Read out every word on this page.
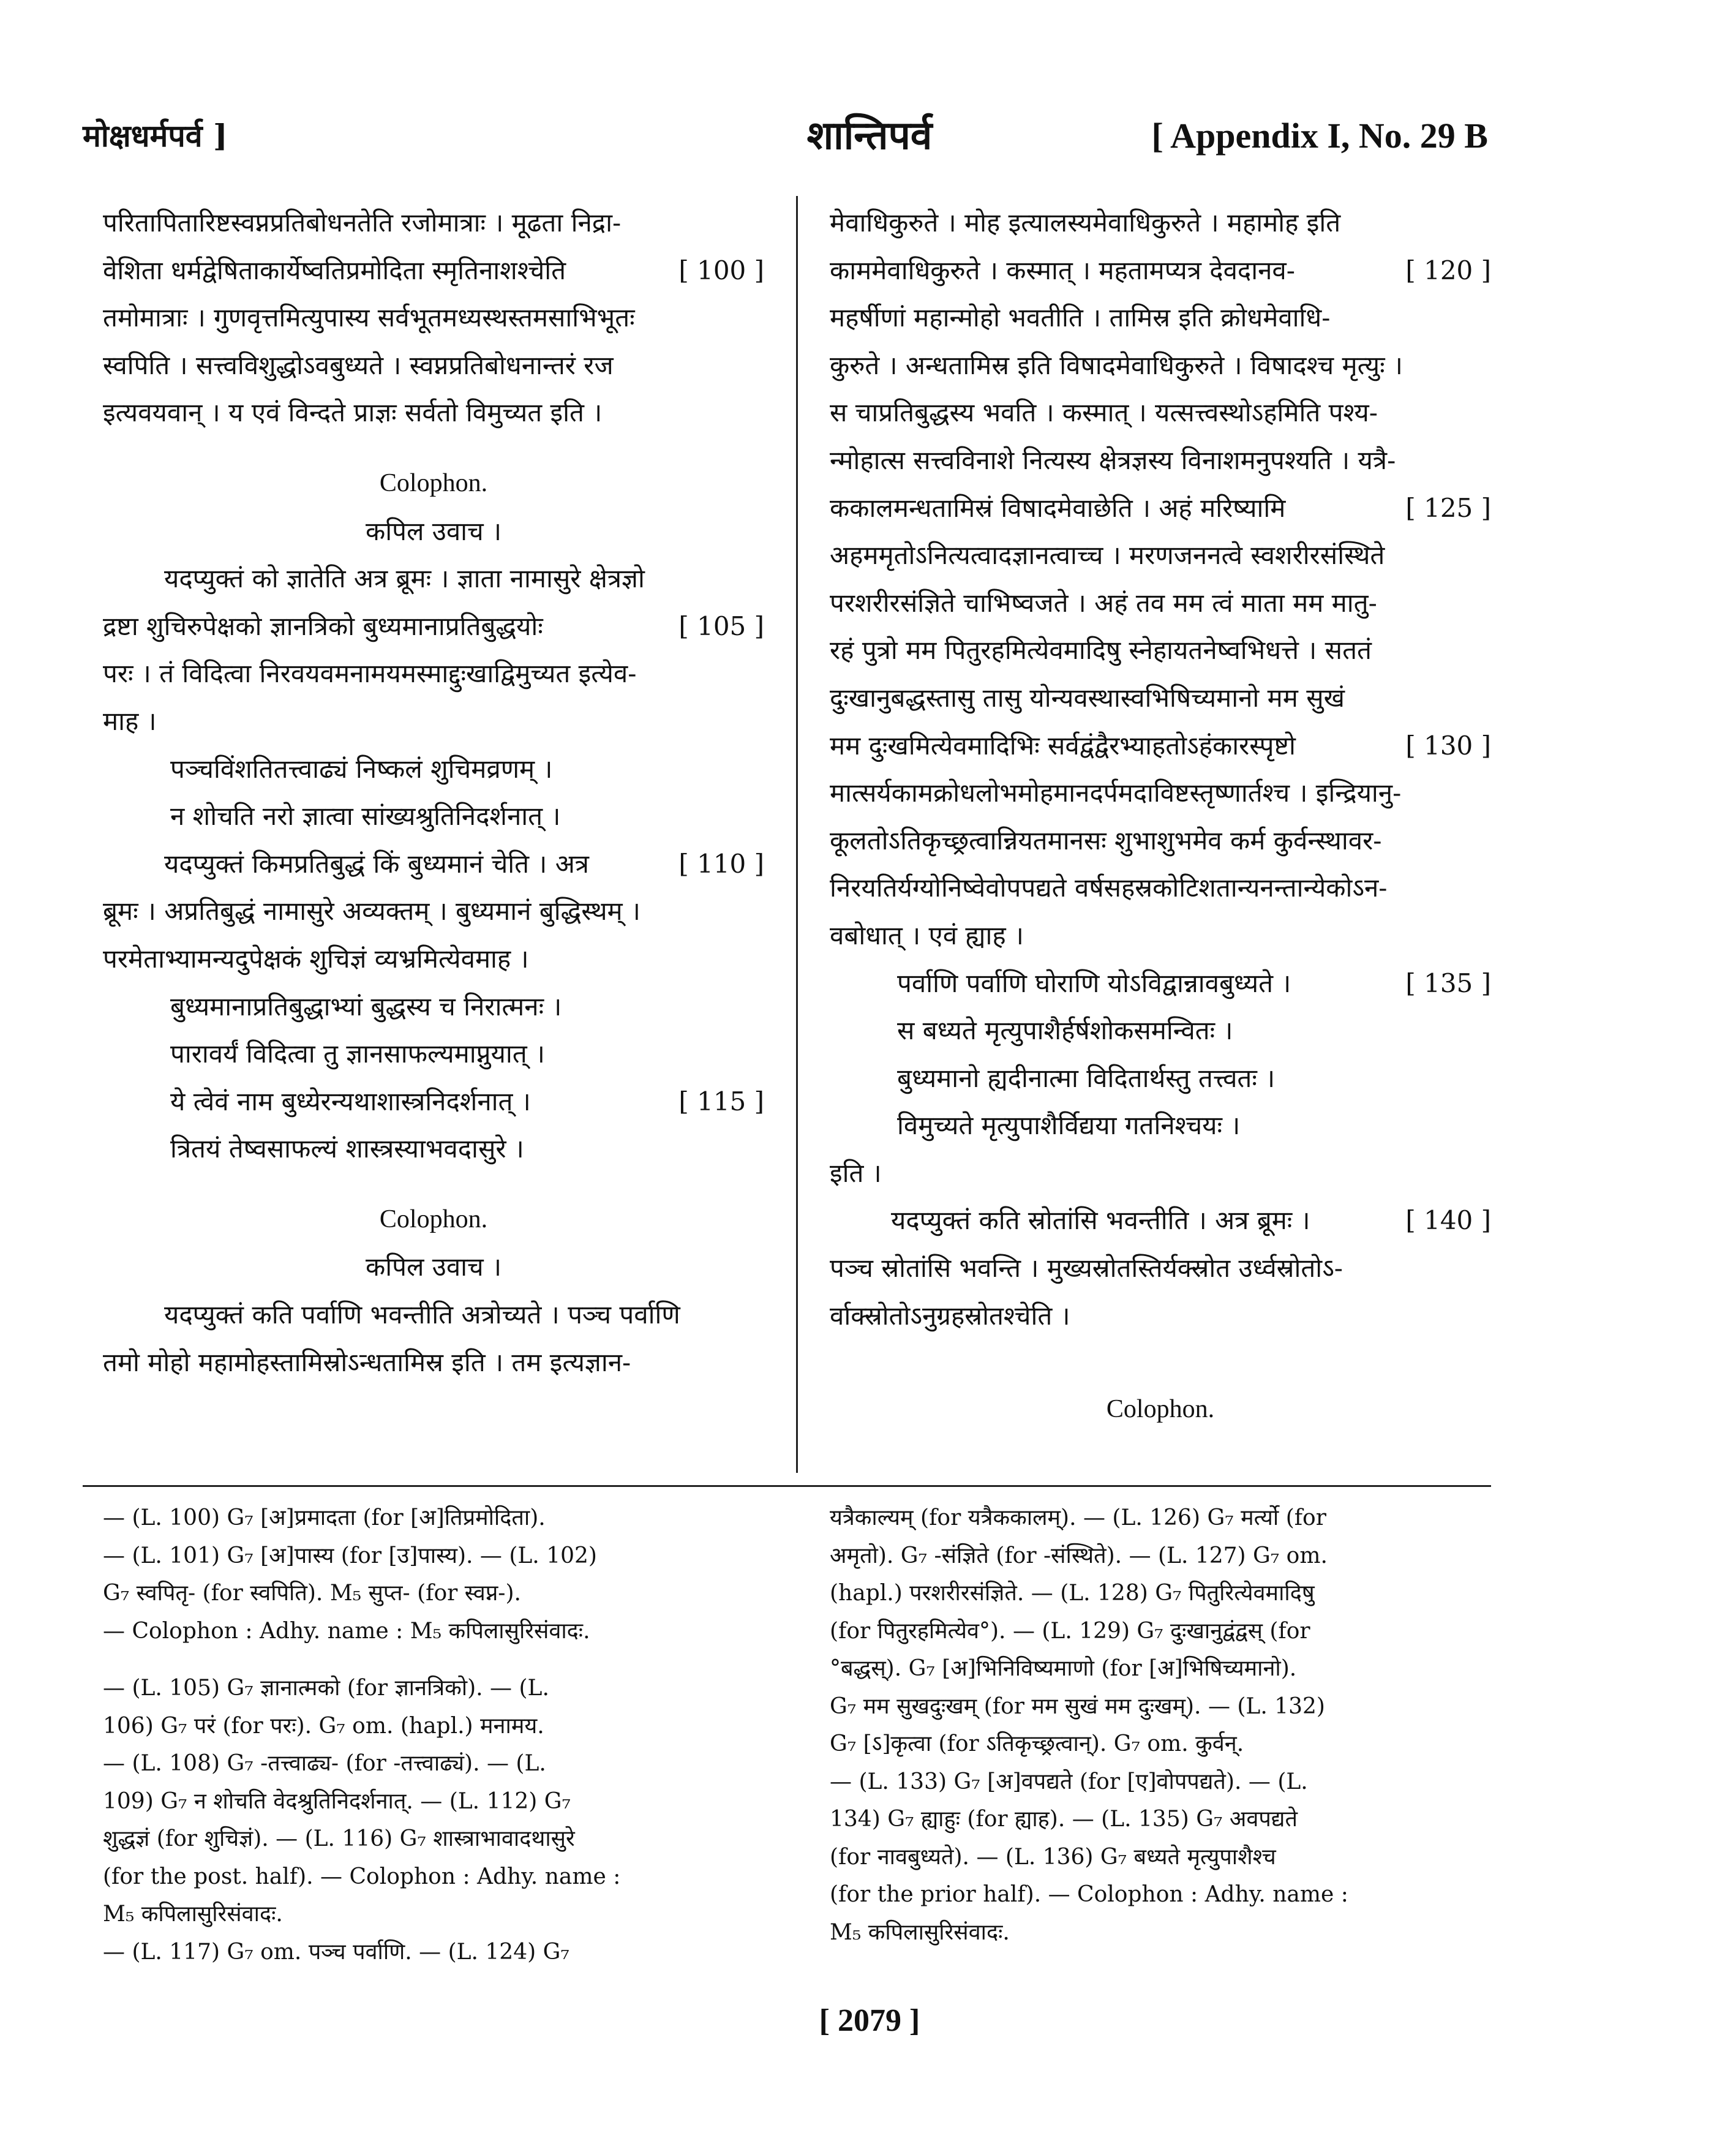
मोक्षधर्मपर्व ]	शान्तिपर्व	[ Appendix I, No. 29 B
परितापितारिष्टस्वप्नप्रतिबोधनतेति रजोमात्राः । मूढता निद्रा-
वेशिता धर्मद्वेषिताकार्येष्वतिप्रमोदिता स्मृतिनाशश्चेति	[ 100 ]
तमोमात्राः । गुणवृत्तमित्युपास्य सर्वभूतमध्यस्थस्तमसाभिभूतः
स्वपिति । सत्त्वविशुद्धोऽवबुध्यते । स्वप्नप्रतिबोधनान्तरं रज
इत्यवयवान् । य एवं विन्दते प्राज्ञः सर्वतो विमुच्यत इति ।
Colophon.
कपिल उवाच ।
यदप्युक्तं को ज्ञातेति अत्र ब्रूमः । ज्ञाता नामासुरे क्षेत्रज्ञो
द्रष्टा शुचिरुपेक्षको ज्ञानत्रिको बुध्यमानाप्रतिबुद्धयोः	[ 105 ]
परः । तं विदित्वा निरवयवमनामयमस्माद्दुःखाद्विमुच्यत इत्येव-
माह ।
पञ्चविंशतितत्त्वाढ्यं निष्कलं शुचिमव्रणम् ।
न शोचति नरो ज्ञात्वा सांख्यश्रुतिनिदर्शनात् ।
यदप्युक्तं किमप्रतिबुद्धं किं बुध्यमानं चेति । अत्र	[ 110 ]
ब्रूमः । अप्रतिबुद्धं नामासुरे अव्यक्तम् । बुध्यमानं बुद्धिस्थम् ।
परमेताभ्यामन्यदुपेक्षकं शुचिज्ञं व्यभ्रमित्येवमाह ।
बुध्यमानाप्रतिबुद्धाभ्यां बुद्धस्य च निरात्मनः ।
पारावर्यं विदित्वा तु ज्ञानसाफल्यमाप्नुयात् ।
ये त्वेवं नाम बुध्येरन्यथाशास्त्रनिदर्शनात् ।	[ 115 ]
त्रितयं तेष्वसाफल्यं शास्त्रस्याभवदासुरे ।
Colophon.
कपिल उवाच ।
यदप्युक्तं कति पर्वाणि भवन्तीति अत्रोच्यते । पञ्च पर्वाणि
तमो मोहो महामोहस्तामिस्रोऽन्धतामिस्र इति । तम इत्यज्ञान-
मेवाधिकुरुते । मोह इत्यालस्यमेवाधिकुरुते । महामोह इति
काममेवाधिकुरुते । कस्मात् । महतामप्यत्र देवदानव-	[ 120 ]
महर्षीणां महान्मोहो भवतीति । तामिस्र इति क्रोधमेवाधि-
कुरुते । अन्धतामिस्र इति विषादमेवाधिकुरुते । विषादश्च मृत्युः ।
स चाप्रतिबुद्धस्य भवति । कस्मात् । यत्सत्त्वस्थोऽहमिति पश्य-
न्मोहात्स सत्त्वविनाशे नित्यस्य क्षेत्रज्ञस्य विनाशमनुपश्यति । यत्रै-
ककालमन्धतामिस्रं विषादमेवाछेति । अहं मरिष्यामि	[ 125 ]
अहममृतोऽनित्यत्वादज्ञानत्वाच्च । मरणजननत्वे स्वशरीरसंस्थिते
परशरीरसंज्ञिते चाभिष्वजते । अहं तव मम त्वं माता मम मातु-
रहं पुत्रो मम पितुरहमित्येवमादिषु स्नेहायतनेष्वभिधत्ते । सततं
दुःखानुबद्धस्तासु तासु योन्यवस्थास्वभिषिच्यमानो मम सुखं
मम दुःखमित्येवमादिभिः सर्वद्वंद्वैरभ्याहतोऽहंकारस्पृष्टो	[ 130 ]
मात्सर्यकामक्रोधलोभमोहमानदर्पमदाविष्टस्तृष्णार्तश्च । इन्द्रियानु-
कूलतोऽतिकृच्छ्रत्वान्नियतमानसः शुभाशुभमेव कर्म कुर्वन्स्थावर-
निरयतिर्यग्योनिष्वेवोपपद्यते वर्षसहस्रकोटिशतान्यनन्तान्येकोऽन-
वबोधात् । एवं ह्याह ।
पर्वाणि पर्वाणि घोराणि योऽविद्वान्नावबुध्यते ।	[ 135 ]
स बध्यते मृत्युपाशैर्हर्षशोकसमन्वितः ।
बुध्यमानो ह्यदीनात्मा विदितार्थस्तु तत्त्वतः ।
विमुच्यते मृत्युपाशैर्विद्यया गतनिश्चयः ।
इति ।
यदप्युक्तं कति स्रोतांसि भवन्तीति । अत्र ब्रूमः ।	[ 140 ]
पञ्च स्रोतांसि भवन्ति । मुख्यस्रोतस्तिर्यक्स्रोत उर्ध्वस्रोतोऽ-
र्वाक्स्रोतोऽनुग्रहस्रोतश्चेति ।
Colophon.
— (L. 100) G₇ [अ]प्रमादता (for [अ]तिप्रमोदिता).
— (L. 101) G₇ [अ]पास्य (for [उ]पास्य). — (L. 102)
G₇ स्वपितृ- (for स्वपिति). M₅ सुप्त- (for स्वप्न-).
— Colophon : Adhy. name : M₅ कपिलासुरिसंवादः.
— (L. 105) G₇ ज्ञानात्मको (for ज्ञानत्रिको). — (L.
106) G₇ परं (for परः). G₇ om. (hapl.) मनामय.
— (L. 108) G₇ -तत्त्वाढ्य- (for -तत्त्वाढ्यं). — (L.
109) G₇ न शोचति वेदश्रुतिनिदर्शनात्. — (L. 112) G₇
शुद्धज्ञं (for शुचिज्ञं). — (L. 116) G₇ शास्त्राभावादथासुरे
(for the post. half). — Colophon : Adhy. name :
M₅ कपिलासुरिसंवादः.
— (L. 117) G₇ om. पञ्च पर्वाणि. — (L. 124) G₇
यत्रैकाल्यम् (for यत्रैककालम्). — (L. 126) G₇ मर्त्यो (for
अमृतो). G₇ -संज्ञिते (for -संस्थिते). — (L. 127) G₇ om.
(hapl.) परशरीरसंज्ञिते. — (L. 128) G₇ पितुरित्येवमादिषु
(for पितुरहमित्येव°). — (L. 129) G₇ दुःखानुद्वंद्वस् (for
°बद्धस्). G₇ [अ]भिनिविष्यमाणो (for [अ]भिषिच्यमानो).
G₇ मम सुखदुःखम् (for मम सुखं मम दुःखम्). — (L. 132)
G₇ [ऽ]कृत्वा (for ऽतिकृच्छ्रत्वान्). G₇ om. कुर्वन्.
— (L. 133) G₇ [अ]वपद्यते (for [ए]वोपपद्यते). — (L.
134) G₇ ह्याहुः (for ह्याह). — (L. 135) G₇ अवपद्यते
(for नावबुध्यते). — (L. 136) G₇ बध्यते मृत्युपाशैश्च
(for the prior half). — Colophon : Adhy. name :
M₅ कपिलासुरिसंवादः.
[ 2079 ]
